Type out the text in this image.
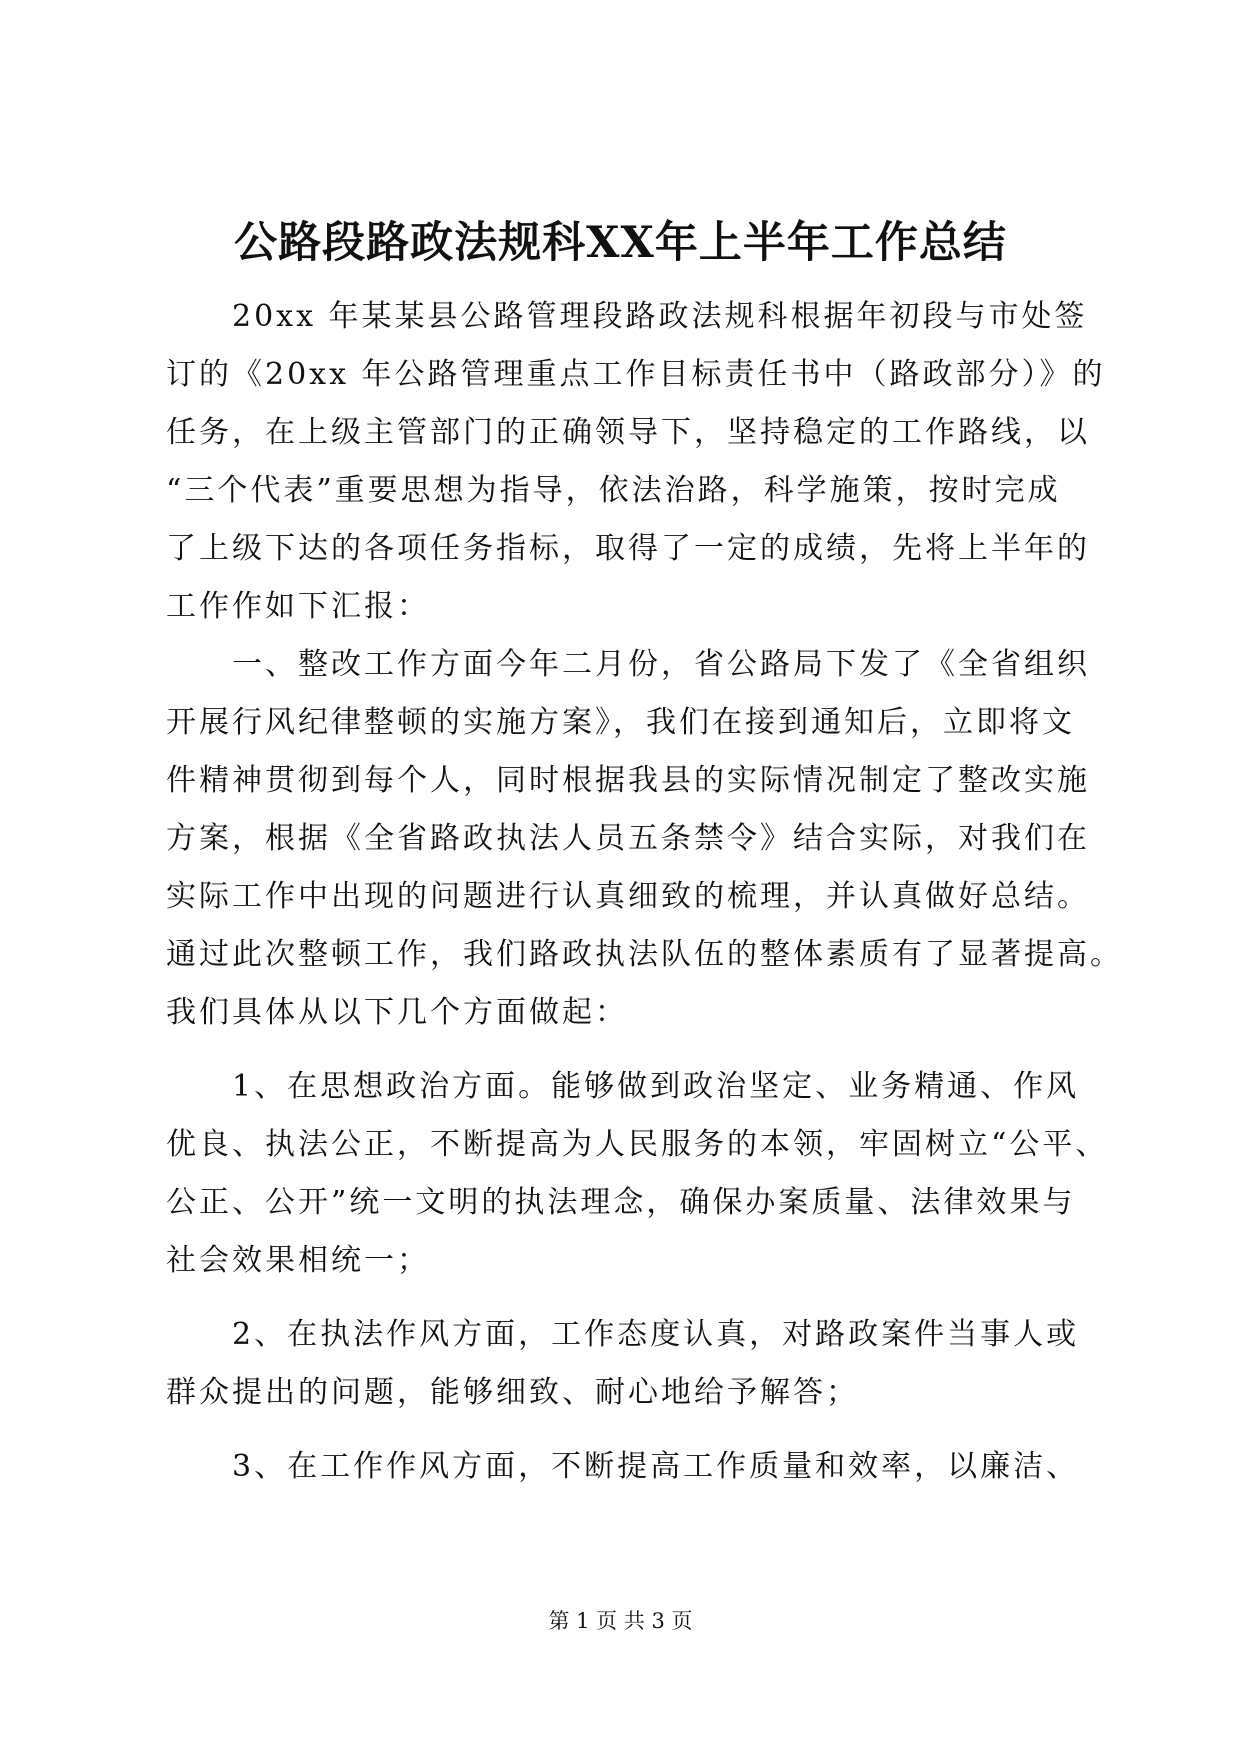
公路段路政法规科XX年上半年工作总结
　　20xx 年某某县公路管理段路政法规科根据年初段与市处签
订的《20xx 年公路管理重点工作目标责任书中（路政部分）》的
任务，在上级主管部门的正确领导下，坚持稳定的工作路线，以
“三个代表”重要思想为指导，依法治路，科学施策，按时完成
了上级下达的各项任务指标，取得了一定的成绩，先将上半年的
工作作如下汇报：
　　一、整改工作方面今年二月份，省公路局下发了《全省组织
开展行风纪律整顿的实施方案》，我们在接到通知后，立即将文
件精神贯彻到每个人，同时根据我县的实际情况制定了整改实施
方案，根据《全省路政执法人员五条禁令》结合实际，对我们在
实际工作中出现的问题进行认真细致的梳理，并认真做好总结。
通过此次整顿工作，我们路政执法队伍的整体素质有了显著提高。
我们具体从以下几个方面做起：
　　1、在思想政治方面。能够做到政治坚定、业务精通、作风
优良、执法公正，不断提高为人民服务的本领，牢固树立“公平、
公正、公开”统一文明的执法理念，确保办案质量、法律效果与
社会效果相统一；
　　2、在执法作风方面，工作态度认真，对路政案件当事人或
群众提出的问题，能够细致、耐心地给予解答；
　　3、在工作作风方面，不断提高工作质量和效率，以廉洁、
第 1 页 共 3 页
